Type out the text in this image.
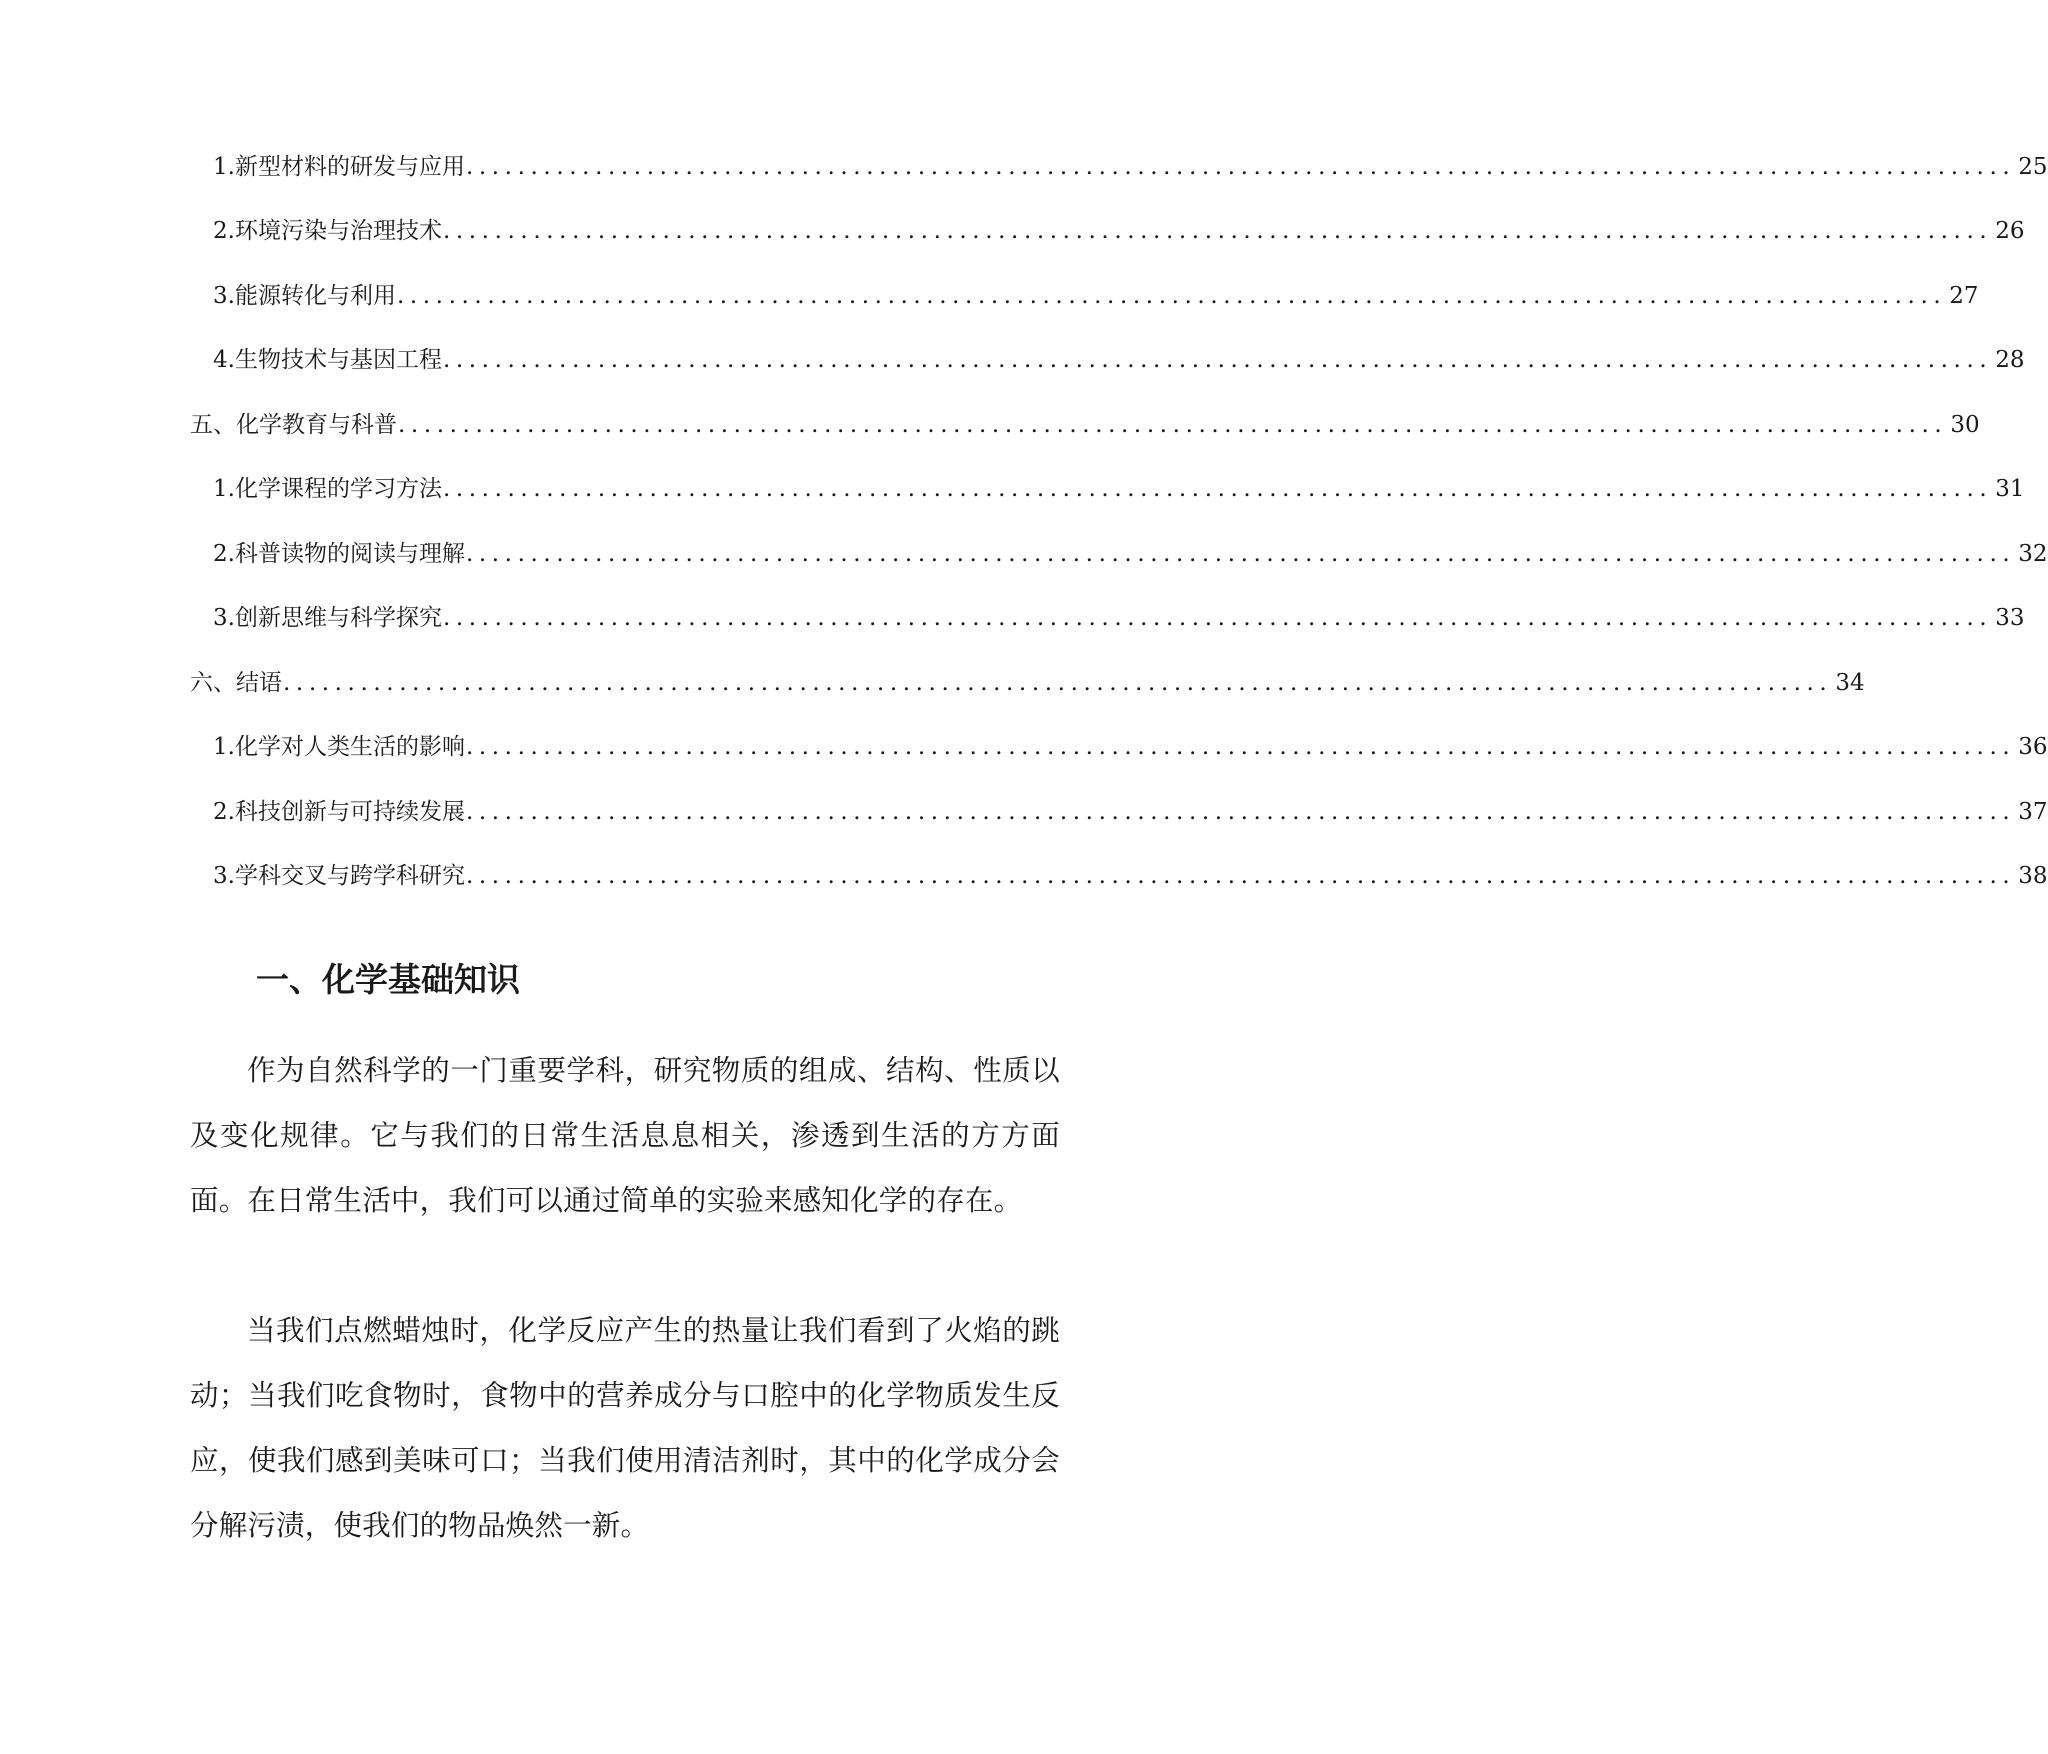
1. 新型材料的研发与应用 ........................................................................................................................ 25
2. 环境污染与治理技术 ........................................................................................................................ 26
3. 能源转化与利用 ........................................................................................................................ 27
4. 生物技术与基因工程 ........................................................................................................................ 28
五、化学教育与科普 ........................................................................................................................ 30
1. 化学课程的学习方法 ........................................................................................................................ 31
2. 科普读物的阅读与理解 ........................................................................................................................ 32
3. 创新思维与科学探究 ........................................................................................................................ 33
六、结语 ........................................................................................................................ 34
1. 化学对人类生活的影响 ........................................................................................................................ 36
2. 科技创新与可持续发展 ........................................................................................................................ 37
3. 学科交叉与跨学科研究 ........................................................................................................................ 38
一、化学基础知识

作为自然科学的一门重要学科，研究物质的组成、结构、性质以及变化规律。它与我们的日常生活息息相关，渗透到生活的方方面面。在日常生活中，我们可以通过简单的实验来感知化学的存在。

当我们点燃蜡烛时，化学反应产生的热量让我们看到了火焰的跳动；当我们吃食物时，食物中的营养成分与口腔中的化学物质发生反应，使我们感到美味可口；当我们使用清洁剂时，其中的化学成分会分解污渍，使我们的物品焕然一新。
